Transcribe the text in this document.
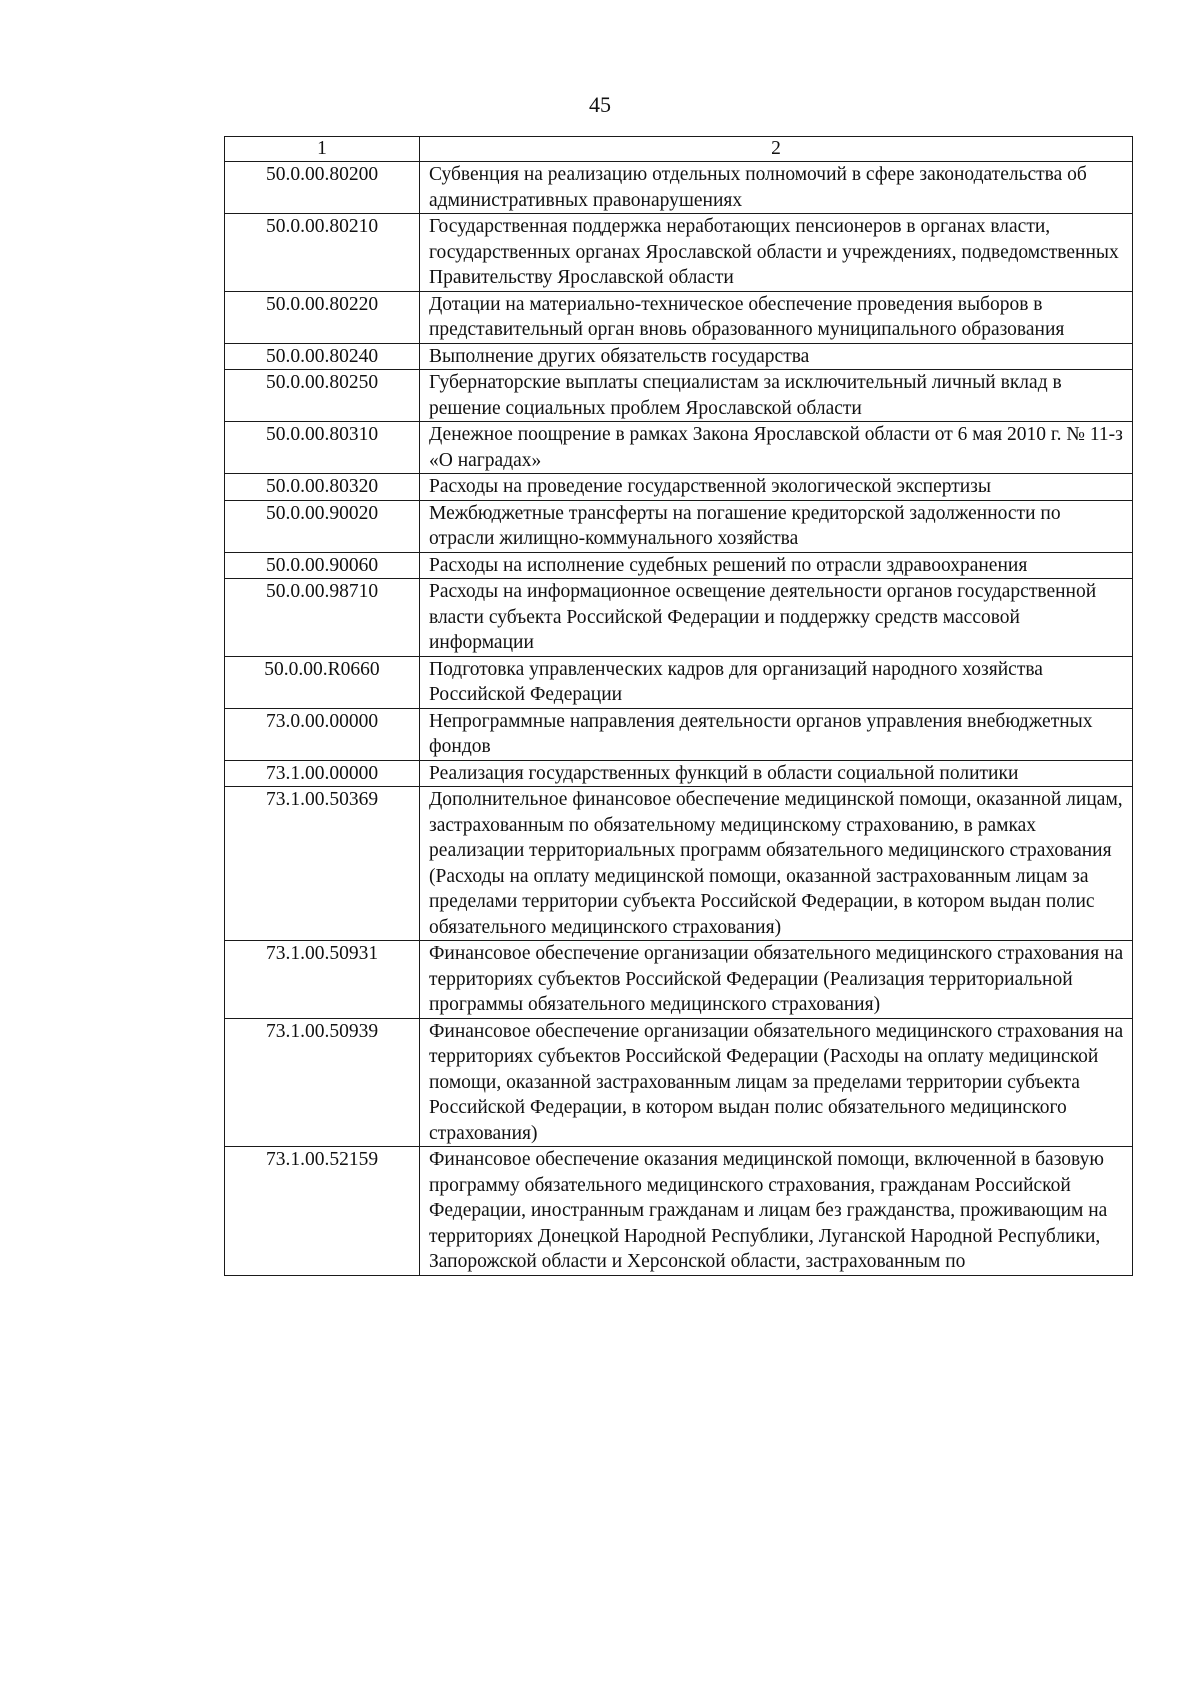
45
1	2
50.0.00.80200	Субвенция на реализацию отдельных полномочий в сфере законодательства об административных правонарушениях
50.0.00.80210	Государственная поддержка неработающих пенсионеров в органах власти, государственных органах Ярославской области и учреждениях, подведомственных Правительству Ярославской области
50.0.00.80220	Дотации на материально-техническое обеспечение проведения выборов в представительный орган вновь образованного муниципального образования
50.0.00.80240	Выполнение других обязательств государства
50.0.00.80250	Губернаторские выплаты специалистам за исключительный личный вклад в решение социальных проблем Ярославской области
50.0.00.80310	Денежное поощрение в рамках Закона Ярославской области от 6 мая 2010 г. № 11-з «О наградах»
50.0.00.80320	Расходы на проведение государственной экологической экспертизы
50.0.00.90020	Межбюджетные трансферты на погашение кредиторской задолженности по отрасли жилищно-коммунального хозяйства
50.0.00.90060	Расходы на исполнение судебных решений по отрасли здравоохранения
50.0.00.98710	Расходы на информационное освещение деятельности органов государственной власти субъекта Российской Федерации и поддержку средств массовой информации
50.0.00.R0660	Подготовка управленческих кадров для организаций народного хозяйства Российской Федерации
73.0.00.00000	Непрограммные направления деятельности органов управления внебюджетных фондов
73.1.00.00000	Реализация государственных функций в области социальной политики
73.1.00.50369	Дополнительное финансовое обеспечение медицинской помощи, оказанной лицам, застрахованным по обязательному медицинскому страхованию, в рамках реализации территориальных программ обязательного медицинского страхования (Расходы на оплату медицинской помощи, оказанной застрахованным лицам за пределами территории субъекта Российской Федерации, в котором выдан полис обязательного медицинского страхования)
73.1.00.50931	Финансовое обеспечение организации обязательного медицинского страхования на территориях субъектов Российской Федерации (Реализация территориальной программы обязательного медицинского страхования)
73.1.00.50939	Финансовое обеспечение организации обязательного медицинского страхования на территориях субъектов Российской Федерации (Расходы на оплату медицинской помощи, оказанной застрахованным лицам за пределами территории субъекта Российской Федерации, в котором выдан полис обязательного медицинского страхования)
73.1.00.52159	Финансовое обеспечение оказания медицинской помощи, включенной в базовую программу обязательного медицинского страхования, гражданам Российской Федерации, иностранным гражданам и лицам без гражданства, проживающим на территориях Донецкой Народной Республики, Луганской Народной Республики, Запорожской области и Херсонской области, застрахованным по
